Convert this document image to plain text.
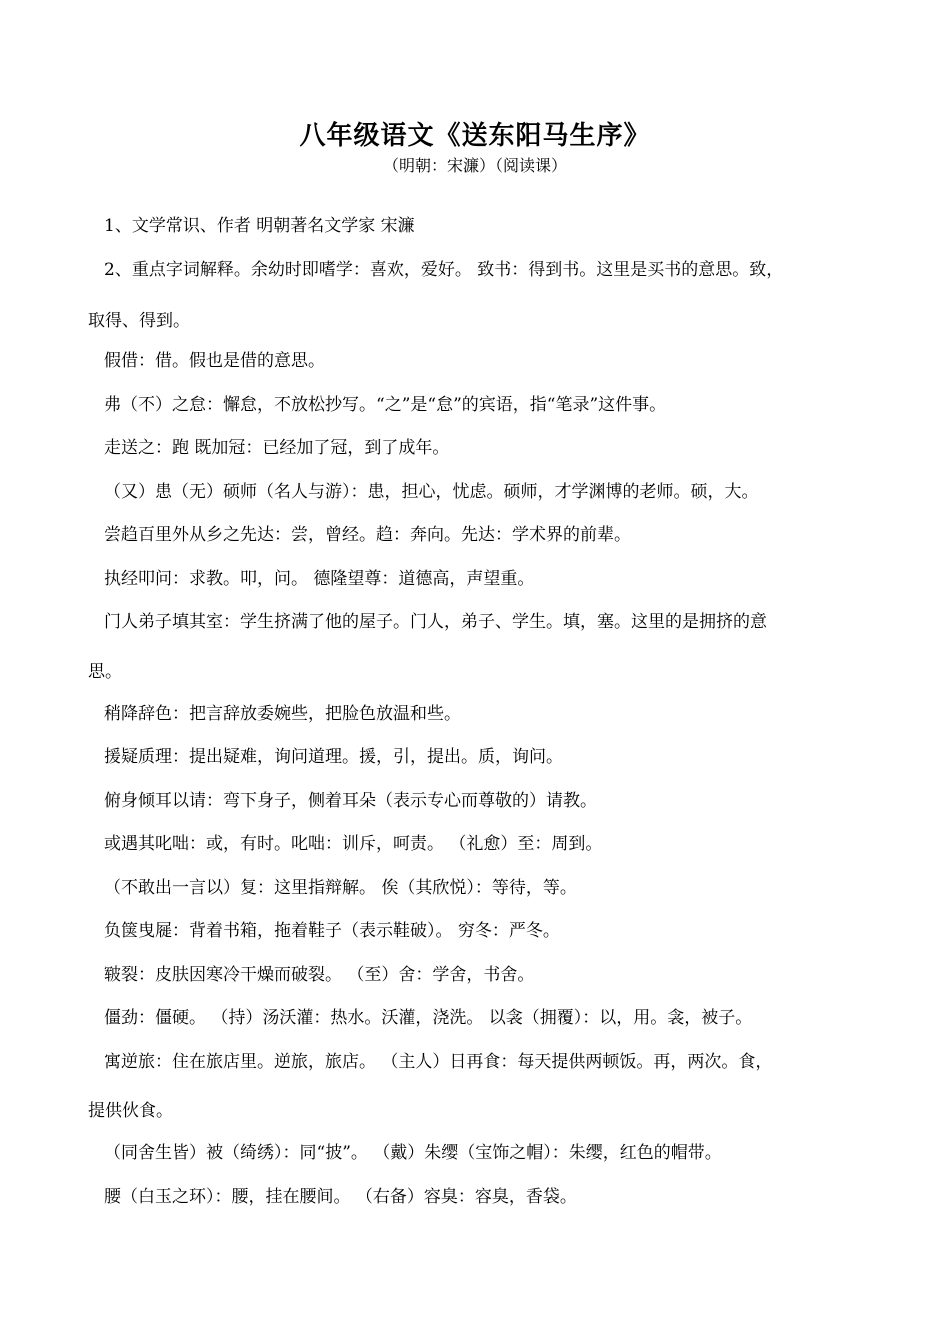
八年级语文《送东阳马生序》
（明朝：宋濂）（阅读课）
1、文学常识、作者 明朝著名文学家 宋濂
2、重点字词解释。余幼时即嗜学：喜欢，爱好。 致书：得到书。这里是买书的意思。致，
取得、得到。
假借：借。假也是借的意思。
弗（不）之怠：懈怠，不放松抄写。“之”是“怠”的宾语，指“笔录”这件事。
走送之：跑 既加冠：已经加了冠，到了成年。
（又）患（无）硕师（名人与游）：患，担心，忧虑。硕师，才学渊博的老师。硕，大。
尝趋百里外从乡之先达：尝，曾经。趋：奔向。先达：学术界的前辈。
执经叩问：求教。叩，问。 德隆望尊：道德高，声望重。
门人弟子填其室：学生挤满了他的屋子。门人，弟子、学生。填，塞。这里的是拥挤的意
思。
稍降辞色：把言辞放委婉些，把脸色放温和些。
援疑质理：提出疑难，询问道理。援，引，提出。质，询问。
俯身倾耳以请：弯下身子，侧着耳朵（表示专心而尊敬的）请教。
或遇其叱咄：或，有时。叱咄：训斥，呵责。 （礼愈）至：周到。
（不敢出一言以）复：这里指辩解。 俟（其欣悦）：等待，等。
负箧曳屣：背着书箱，拖着鞋子（表示鞋破）。 穷冬：严冬。
皲裂：皮肤因寒冷干燥而破裂。 （至）舍：学舍，书舍。
僵劲：僵硬。 （持）汤沃灌：热水。沃灌，浇洗。 以衾（拥覆）：以，用。衾，被子。
寓逆旅：住在旅店里。逆旅，旅店。 （主人）日再食：每天提供两顿饭。再，两次。食，
提供伙食。
（同舍生皆）被（绮绣）：同“披”。 （戴）朱缨（宝饰之帽）：朱缨，红色的帽带。
腰（白玉之环）：腰，挂在腰间。 （右备）容臭：容臭，香袋。
